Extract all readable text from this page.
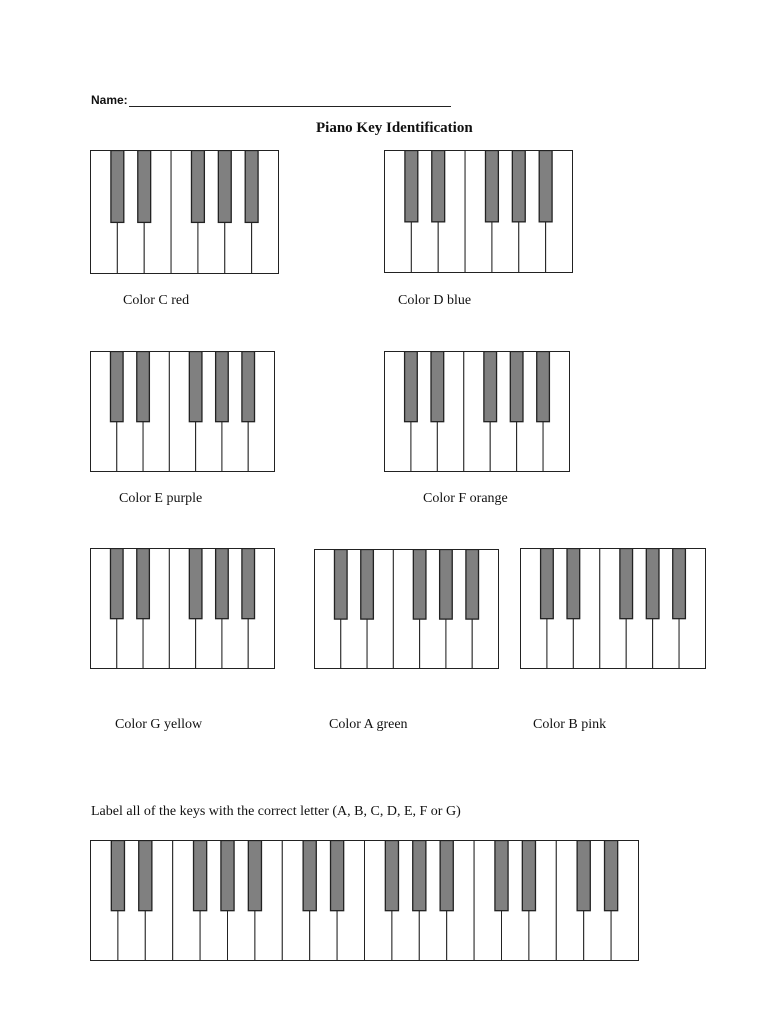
Name:
Piano Key Identification
Color C red	Color D blue
Color E purple	Color F orange
Color G yellow	Color A green	Color B pink
Label all of the keys with the correct letter (A, B, C, D, E, F or G)
